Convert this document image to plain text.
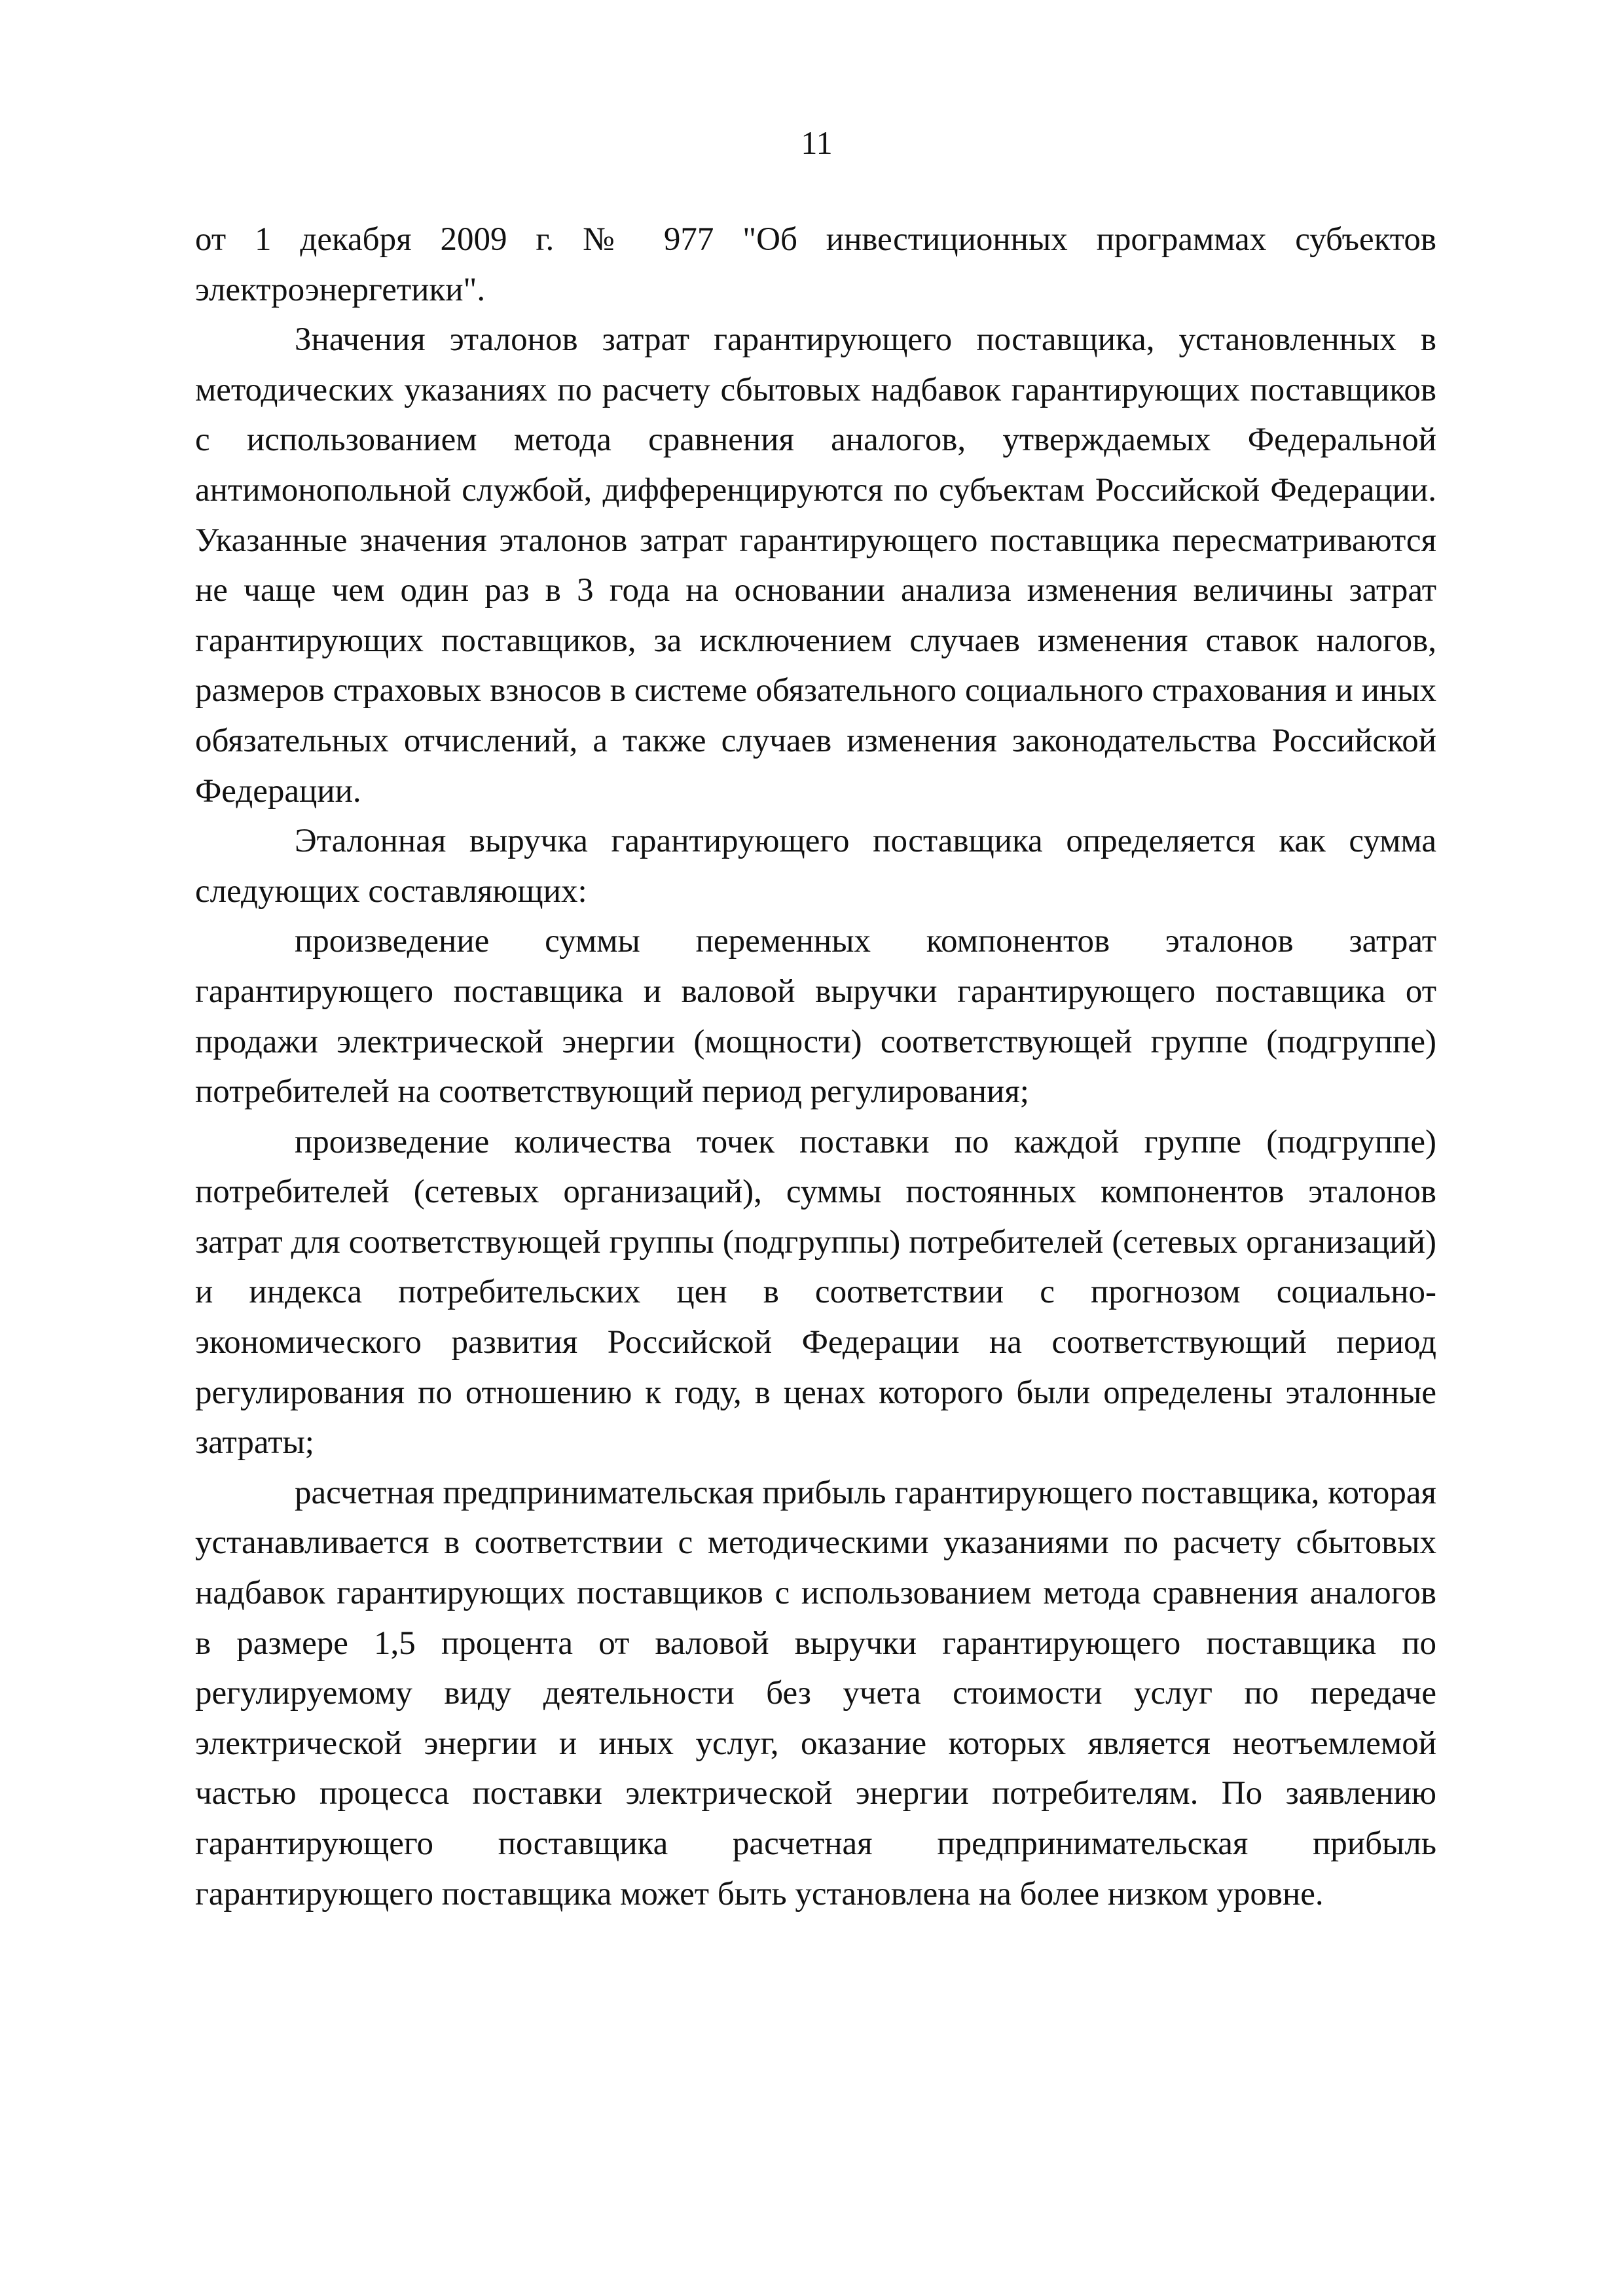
11

от 1 декабря 2009 г. № 977 "Об инвестиционных программах субъектов электроэнергетики".

Значения эталонов затрат гарантирующего поставщика, установленных в методических указаниях по расчету сбытовых надбавок гарантирующих поставщиков с использованием метода сравнения аналогов, утверждаемых Федеральной антимонопольной службой, дифференцируются по субъектам Российской Федерации. Указанные значения эталонов затрат гарантирующего поставщика пересматриваются не чаще чем один раз в 3 года на основании анализа изменения величины затрат гарантирующих поставщиков, за исключением случаев изменения ставок налогов, размеров страховых взносов в системе обязательного социального страхования и иных обязательных отчислений, а также случаев изменения законодательства Российской Федерации.

Эталонная выручка гарантирующего поставщика определяется как сумма следующих составляющих:

произведение суммы переменных компонентов эталонов затрат гарантирующего поставщика и валовой выручки гарантирующего поставщика от продажи электрической энергии (мощности) соответствующей группе (подгруппе) потребителей на соответствующий период регулирования;

произведение количества точек поставки по каждой группе (подгруппе) потребителей (сетевых организаций), суммы постоянных компонентов эталонов затрат для соответствующей группы (подгруппы) потребителей (сетевых организаций) и индекса потребительских цен в соответствии с прогнозом социально-экономического развития Российской Федерации на соответствующий период регулирования по отношению к году, в ценах которого были определены эталонные затраты;

расчетная предпринимательская прибыль гарантирующего поставщика, которая устанавливается в соответствии с методическими указаниями по расчету сбытовых надбавок гарантирующих поставщиков с использованием метода сравнения аналогов в размере 1,5 процента от валовой выручки гарантирующего поставщика по регулируемому виду деятельности без учета стоимости услуг по передаче электрической энергии и иных услуг, оказание которых является неотъемлемой частью процесса поставки электрической энергии потребителям. По заявлению гарантирующего поставщика расчетная предпринимательская прибыль гарантирующего поставщика может быть установлена на более низком уровне.
